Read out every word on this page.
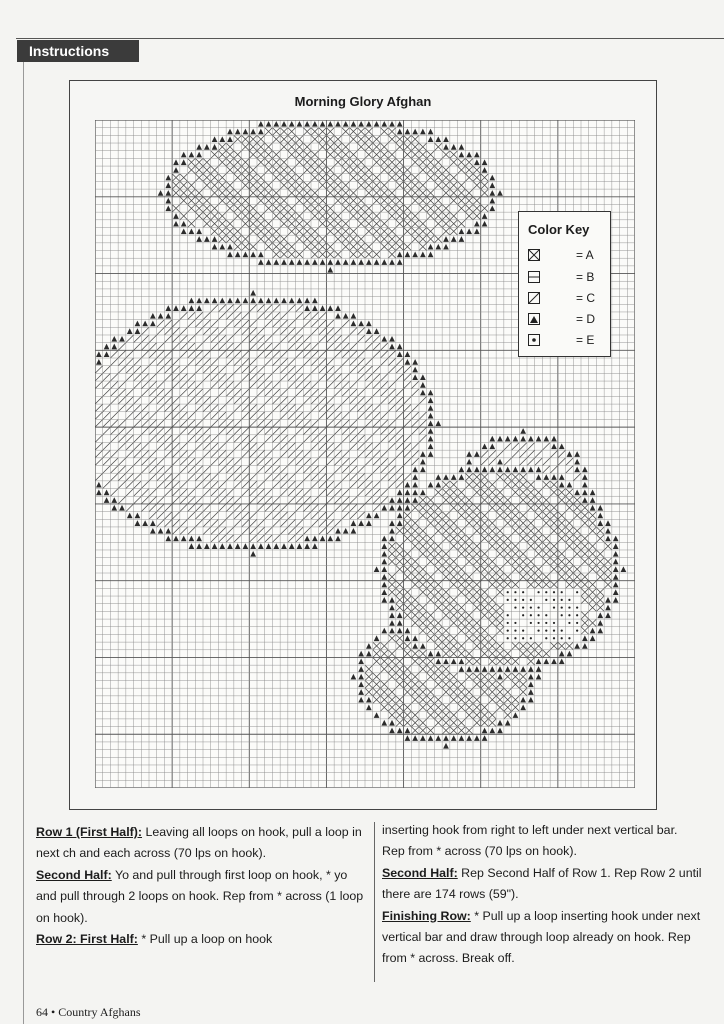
Instructions
Morning Glory Afghan
Color Key
= A
= B
= C
= D
= E

Row 1 (First Half): Leaving all loops on hook, pull a loop in next ch and each across (70 lps on hook).

Second Half: Yo and pull through first loop on hook, * yo and pull through 2 loops on hook. Rep from * across (1 loop on hook).

Row 2: First Half: * Pull up a loop on hook

inserting hook from right to left under next vertical bar. Rep from * across (70 lps on hook).

Second Half: Rep Second Half of Row 1. Rep Row 2 until there are 174 rows (59").

Finishing Row: * Pull up a loop inserting hook under next vertical bar and draw through loop already on hook. Rep from * across. Break off.

64 • Country Afghans
